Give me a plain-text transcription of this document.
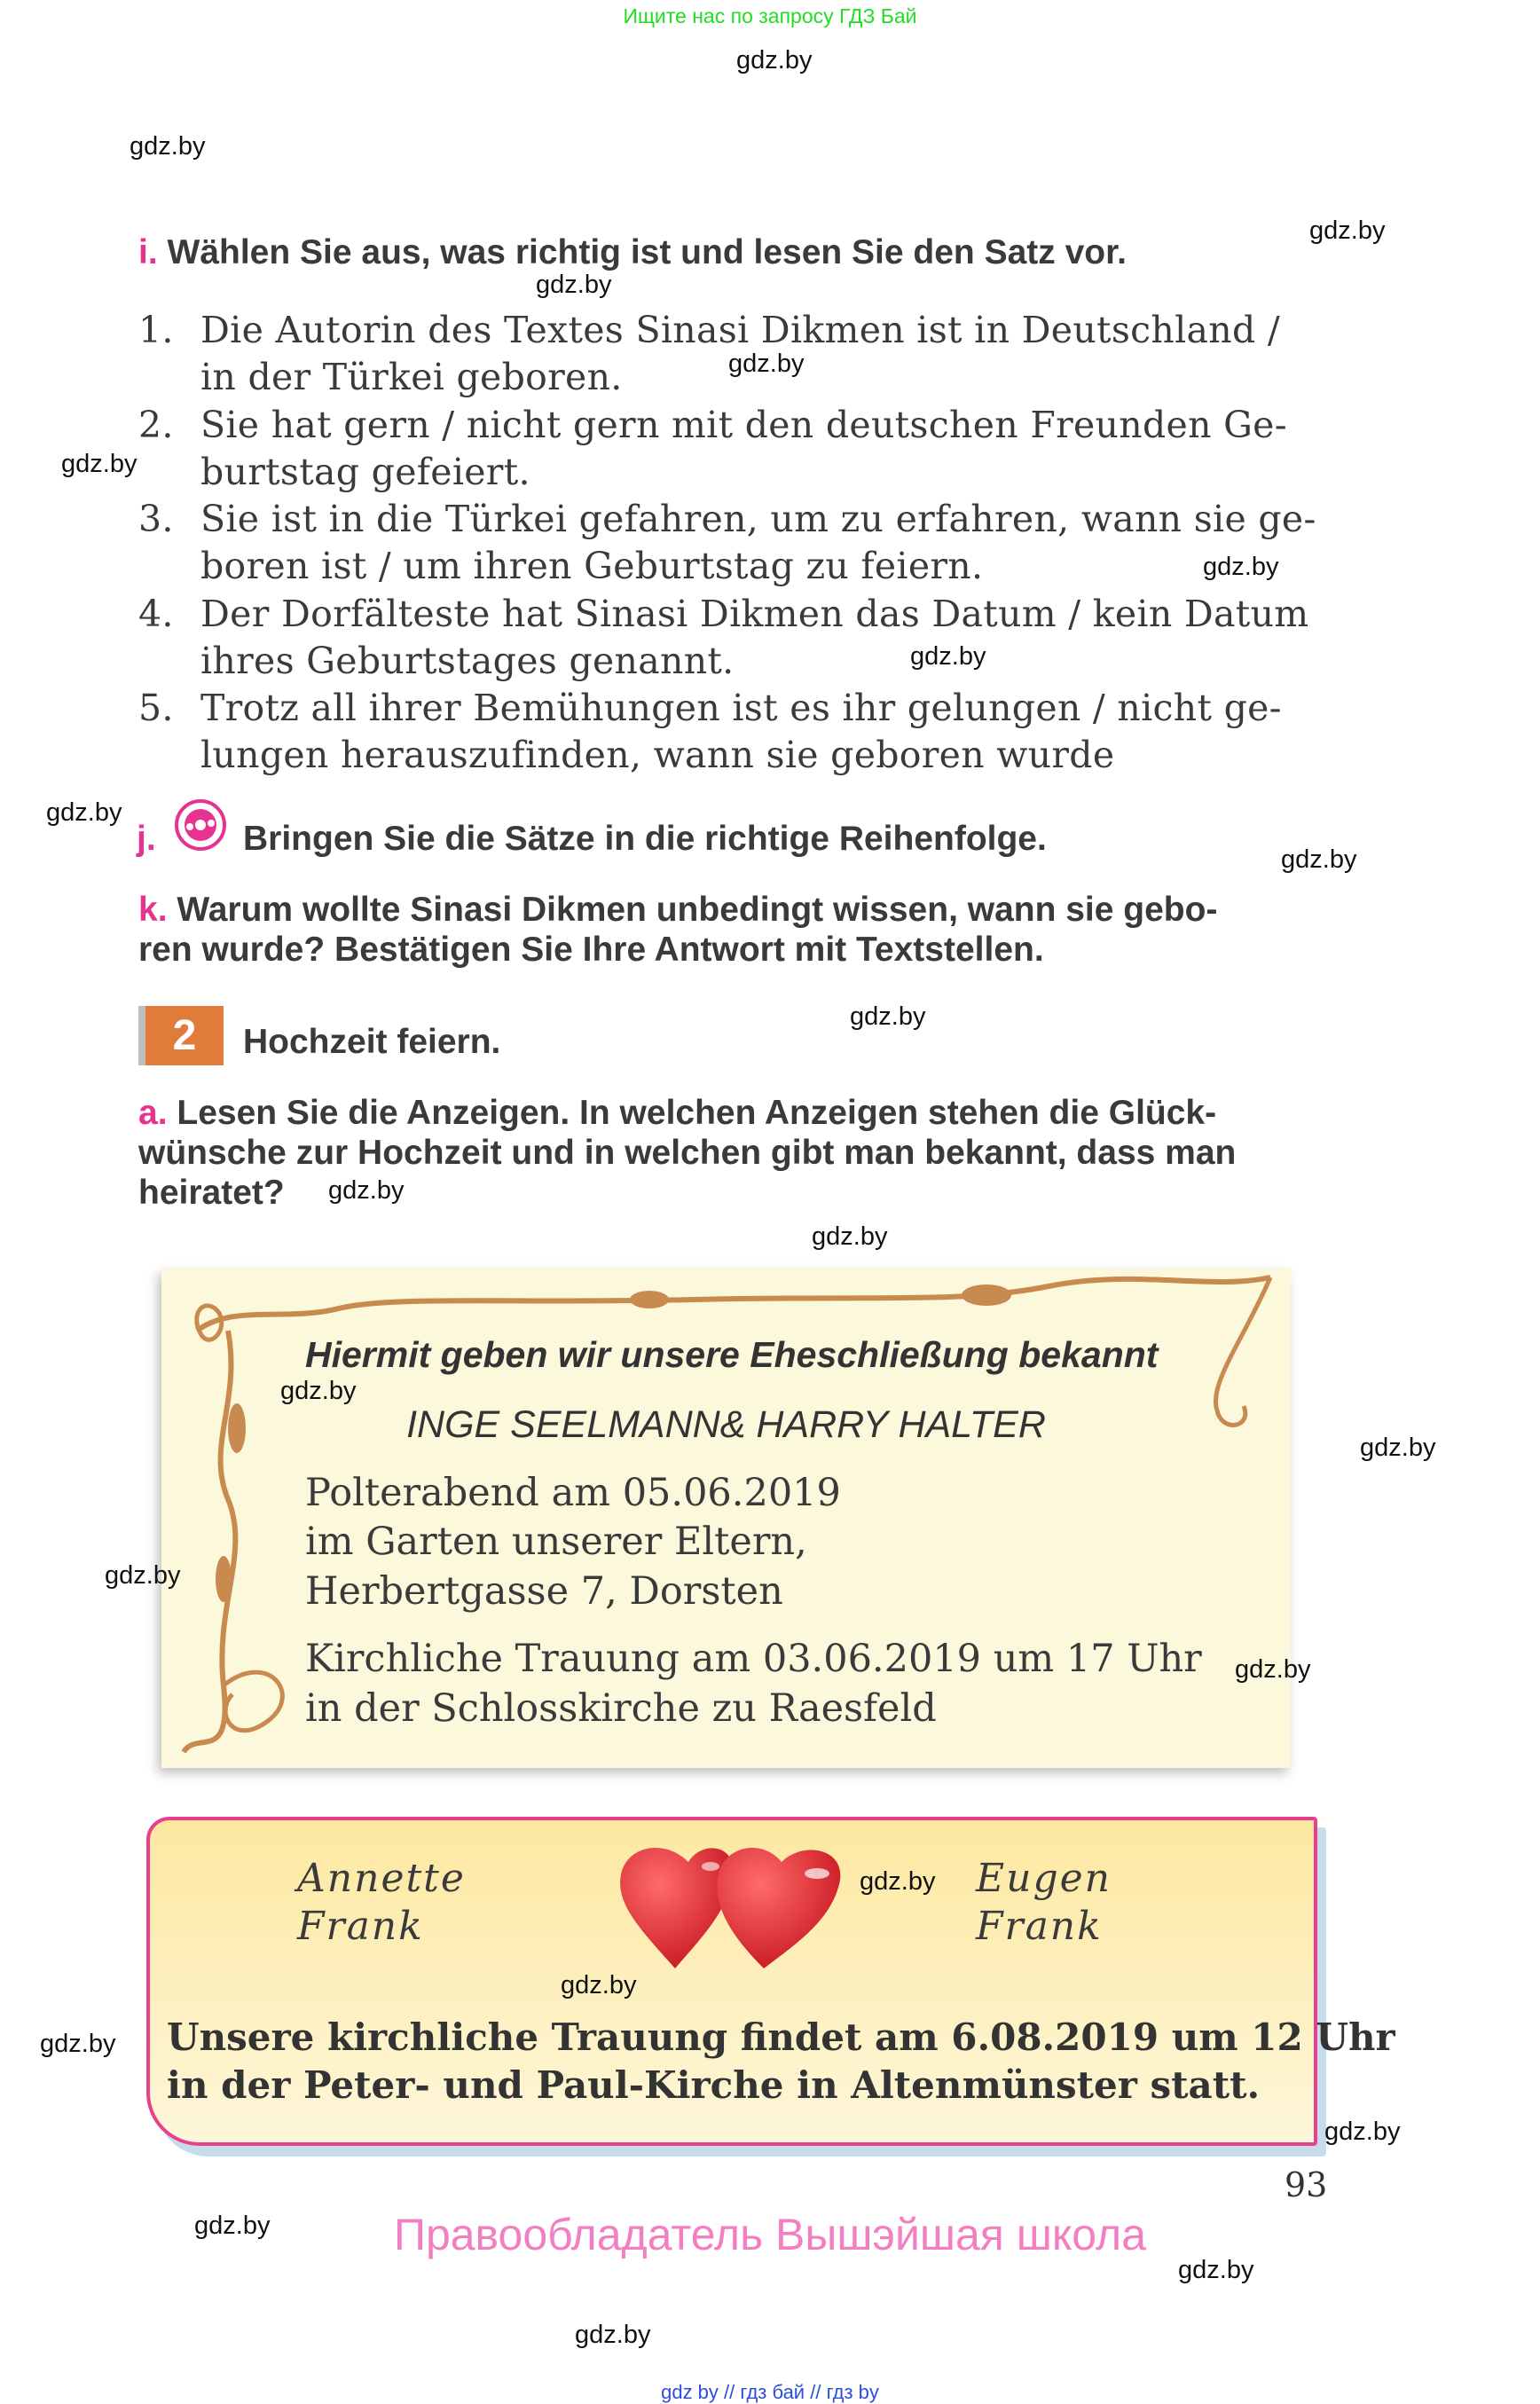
Ищите нас по запросу ГДЗ Бай
gdz.by
gdz.by
gdz.by
gdz.by
gdz.by
gdz.by
gdz.by
gdz.by
gdz.by
gdz.by
gdz.by
gdz.by
gdz.by
i. Wählen Sie aus, was richtig ist und lesen Sie den Satz vor.
1. Die Autorin des Textes Sinasi Dikmen ist in Deutschland /
in der Türkei geboren.
2. Sie hat gern / nicht gern mit den deutschen Freunden Ge-
burtstag gefeiert.
3. Sie ist in die Türkei gefahren, um zu erfahren, wann sie ge-
boren ist / um ihren Geburtstag zu feiern.
4. Der Dorfälteste hat Sinasi Dikmen das Datum / kein Datum
ihres Geburtstages genannt.
5. Trotz all ihrer Bemühungen ist es ihr gelungen / nicht ge-
lungen herauszufinden, wann sie geboren wurde
j.	Bringen Sie die Sätze in die richtige Reihenfolge.
k. Warum wollte Sinasi Dikmen unbedingt wissen, wann sie gebo-
ren wurde? Bestätigen Sie Ihre Antwort mit Textstellen.
2	Hochzeit feiern.
a. Lesen Sie die Anzeigen. In welchen Anzeigen stehen die Glück-
wünsche zur Hochzeit und in welchen gibt man bekannt, dass man
heiratet?
Hiermit geben wir unsere Eheschließung bekannt
INGE SEELMANN& HARRY HALTER
Polterabend am 05.06.2019
im Garten unserer Eltern,
Herbertgasse 7, Dorsten
Kirchliche Trauung am 03.06.2019 um 17 Uhr
in der Schlosskirche zu Raesfeld
gdz.by
gdz.by
gdz.by
gdz.by
Annette
Frank
Eugen
Frank
Unsere kirchliche Trauung findet am 6.08.2019 um 12 Uhr
in der Peter- und Paul-Kirche in Altenmünster statt.
gdz.by
gdz.by
gdz.by
gdz.by
93
Правообладатель Вышэйшая школа
gdz.by
gdz.by
gdz.by
gdz by // гдз бай // гдз by
